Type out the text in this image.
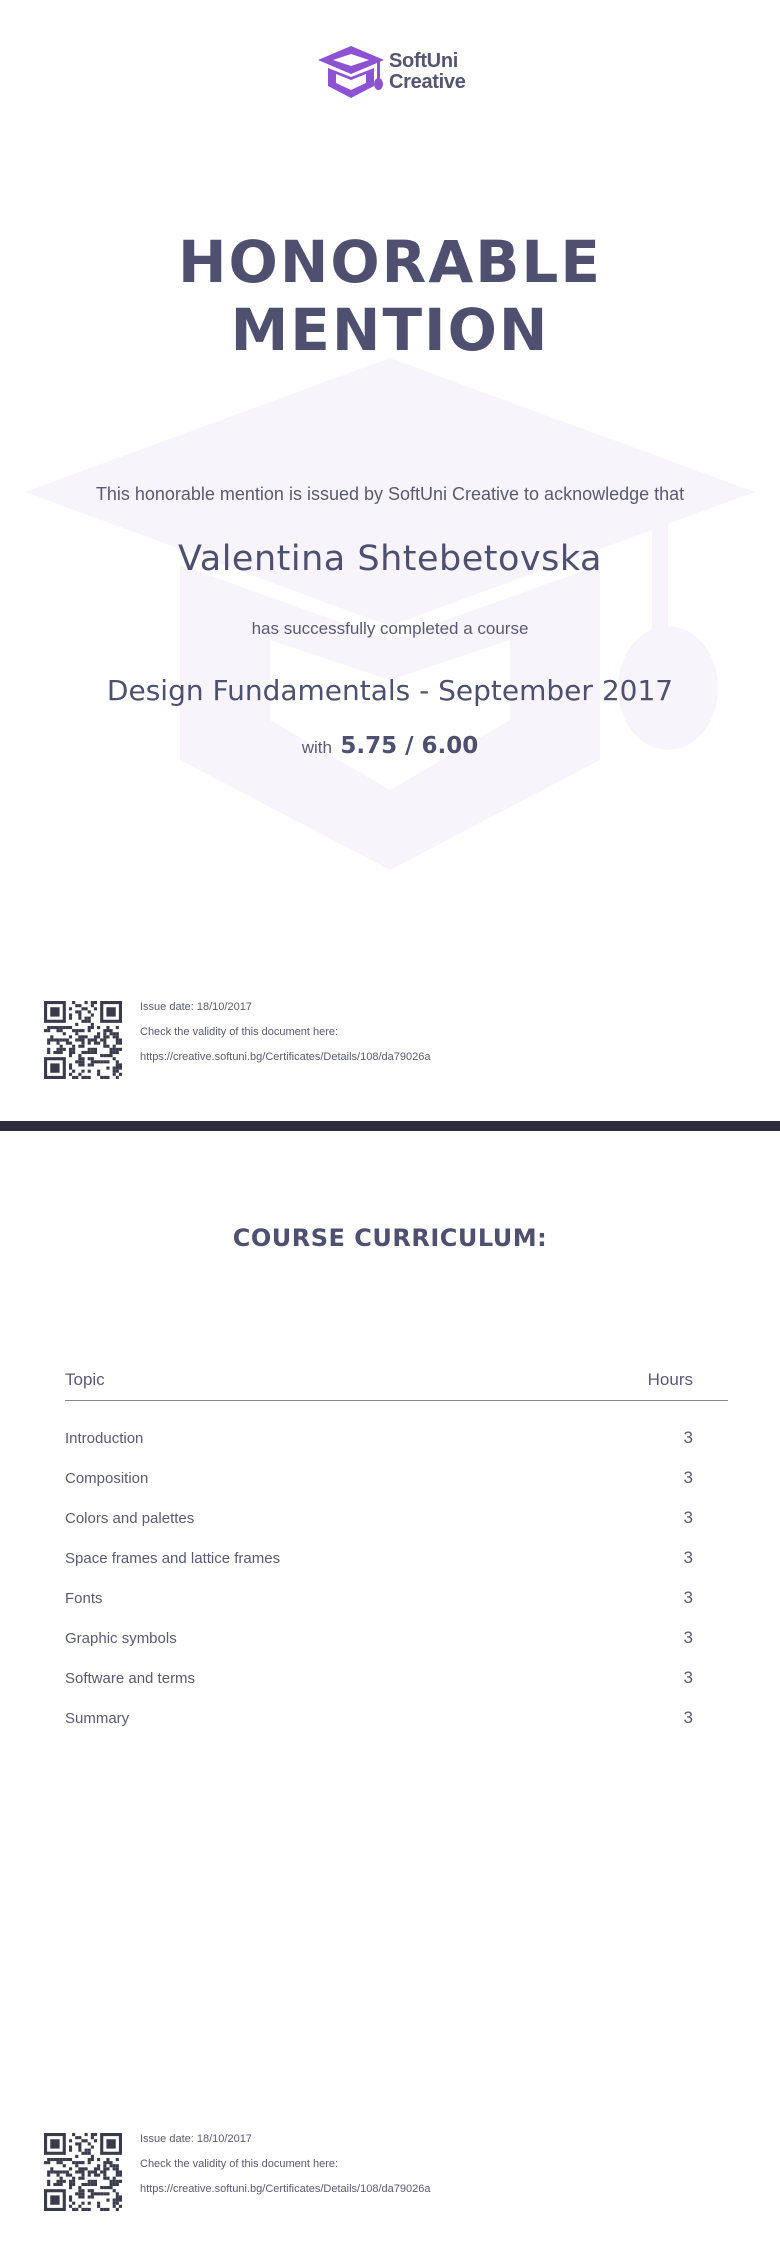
SoftUni
Creative
HONORABLE
MENTION
This honorable mention is issued by SoftUni Creative to acknowledge that
Valentina Shtebetovska
has successfully completed a course
Design Fundamentals - September 2017
with 5.75 / 6.00
Issue date: 18/10/2017
Check the validity of this document here:
https://creative.softuni.bg/Certificates/Details/108/da79026a
COURSE CURRICULUM:
Topic	Hours
Introduction	3
Composition	3
Colors and palettes	3
Space frames and lattice frames	3
Fonts	3
Graphic symbols	3
Software and terms	3
Summary	3
Issue date: 18/10/2017
Check the validity of this document here:
https://creative.softuni.bg/Certificates/Details/108/da79026a
